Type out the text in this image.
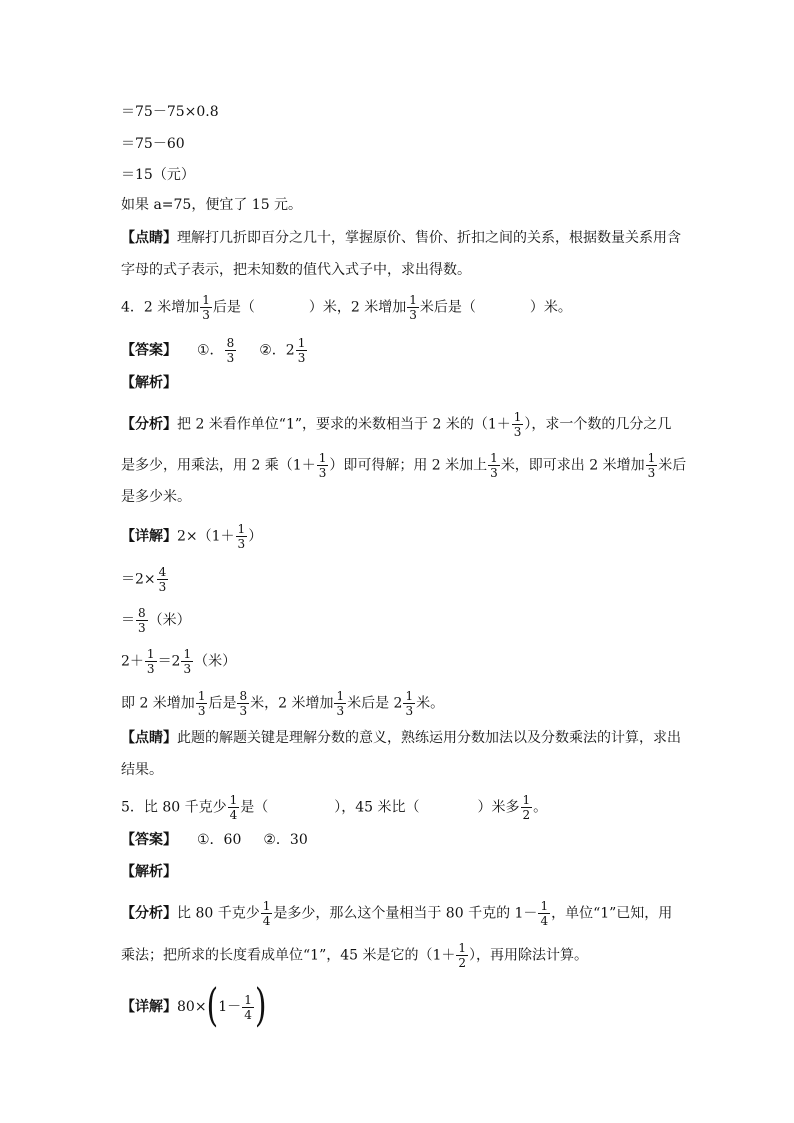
＝75－75×0.8
＝75－60
＝15（元）
如果 a=75，便宜了 15 元。
【点睛】理解打几折即百分之几十，掌握原价、售价、折扣之间的关系，根据数量关系用含
字母的式子表示，把未知数的值代入式子中，求出得数。
4．2 米增加 $\frac{1}{3}$ 后是（	）米，2 米增加 $\frac{1}{3}$ 米后是（	）米。
【答案】 ①． $\frac{8}{3}$ ②．$2 \frac{1}{3}$
【解析】
【分析】把 2 米看作单位“1”，要求的米数相当于 2 米的（$1+ \frac{1}{3}$ ），求一个数的几分之几
是多少，用乘法，用 2 乘（$1+ \frac{1}{3}$ ）即可得解；用 2 米加上 $\frac{1}{3}$ 米，即可求出 2 米增加 $\frac{1}{3}$ 米后
是多少米。
【详解】$2\times(1+ \frac{1}{3}$ ）
$=2\times \frac{4}{3}$
＝ $\frac{8}{3}$ （米）
$2+ \frac{1}{3} =2 \frac{1}{3}$ （米）
即 2 米增加 $\frac{1}{3}$ 后是 $\frac{8}{3}$ 米，2 米增加 $\frac{1}{3}$ 米后是 $2 \frac{1}{3}$ 米。
【点睛】此题的解题关键是理解分数的意义，熟练运用分数加法以及分数乘法的计算，求出
结果。
5．比 80 千克少 $\frac{1}{4}$ 是（	），45 米比（	）米多 $\frac{1}{2}$ 。
【答案】 ①．60 ②．30
【解析】
【分析】比 80 千克少 $\frac{1}{4}$ 是多少，那么这个量相当于 80 千克的 $1- \frac{1}{4}$ ，单位“1”已知，用
乘法；把所求的长度看成单位“1”，45 米是它的（$1+ \frac{1}{2}$ ），再用除法计算。
【详解】$80\times(1- \frac{1}{4}$ )
